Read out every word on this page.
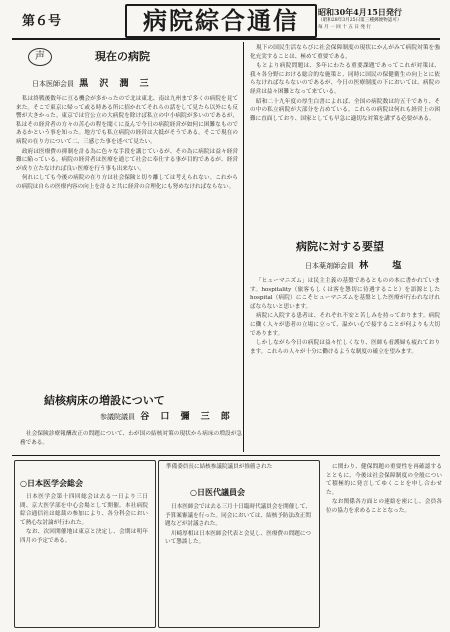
第６号	病院綜合通信	昭和30年4月15日発行
（昭和28年3月25日第三種郵便物認可）
毎 月 一 回 十 五 日 発 行
声	現在の病院
日本医師会員 黒 沢 潤 三

私は終戦後数年に亘る機会が多かったので北は東北、南は九州まで多くの病院を見て来た。そこで東京に帰って或る時ある所に招かれてそれらの話をして見たら以外にも反響が大きかった。東京では官公立の大病院を除けば私立の中小病院が多いのであるが、私はその経営者の方々の苦心の程を聞くに及んで今日の病院経営が如何に困難なものであるかという事を知った。地方でも私立病院の経営は大抵がそうである。そこで現在の病院の在り方について二、三感じた事を述べて見たい。

政府は医療費の抑制を計る為に色々な手段を講じているが、その為に病院は益々経営難に陥っている。病院の経営者は医療を通じて社会に奉仕する事が目的であるが、経営が成り立たなければ良い医療を行う事も出来ない。

何れにしても今後の病院の在り方は社会保険と切り離しては考えられない。これからの病院は自らの医療内容の向上を計ると共に経営の合理化にも努めなければならない。

結核病床の増設について
参議院議員 谷 口 彌 三 郎

社会保険診療報酬改正の問題について、わが国の結核対策の現状から病床の増設が急務である。

現下の国民生活ならびに社会保障制度の現状にかんがみて病院対策を強化充実することは、極めて重要である。

もとより病院問題は、多年にわたる重要課題であってこれが対策は、我々各分野における総合的な施策と、同時に国民の保健衛生の向上とに依らなければならないのであるが、今日の医療制度の下においては、病院の経営は益々困難となって来ている。

昭和二十九年度の厚生白書によれば、全国の病院数は約五千であり、その中の私立病院が大部分を占めている。これらの病院は何れも経営上の困難に直面しており、国家としても早急に適切な対策を講ずる必要がある。

病院に対する要望
日本薬剤師会員 林 　塩

「ヒューマニズム」は民主主義の基盤であるとものの本に書かれています。hospitality（旅客もしくは客を懇切に待遇すること）を語源とした hospital（病院）にこそヒューマニズムを基盤とした医療が行われなければならないと思います。

病院に入院する患者は、それぞれ不安と苦しみを持っております。病院に働く人々が患者の立場に立って、温かい心で接することが何よりも大切であります。

しかしながら今日の病院は益々忙しくなり、医師も看護婦も疲れております。これらの人々が十分に働けるような制度の確立を望みます。

○日本医学会総会

日本医学会第十四回総会は去る一日より三日間、京大医学部を中心会場として開催。本社病院綜合通信社は総裁の参加により、各分科会において熱心な討論が行われた。

なお、次回開催地は東京と決定し、会期は明年四月の予定である。

準備委員長に結核参議院議員が推薦された
○日医代議員会

日本医師会では去る三月十日臨時代議員会を開催して、予算案審議を行った。同会においては、結核予防法改正問題などが討議された。

川崎厚相は日本医師会代表と会見し、医療費の問題について懇談した。

に関わり、健保問題の重要性を再確認するとともに、今後は社会保障制度の全般について積極的に発言してゆくことを申し合わせた。

なお関係各方面との連絡を密にし、会員各位の協力を求めることとなった。
